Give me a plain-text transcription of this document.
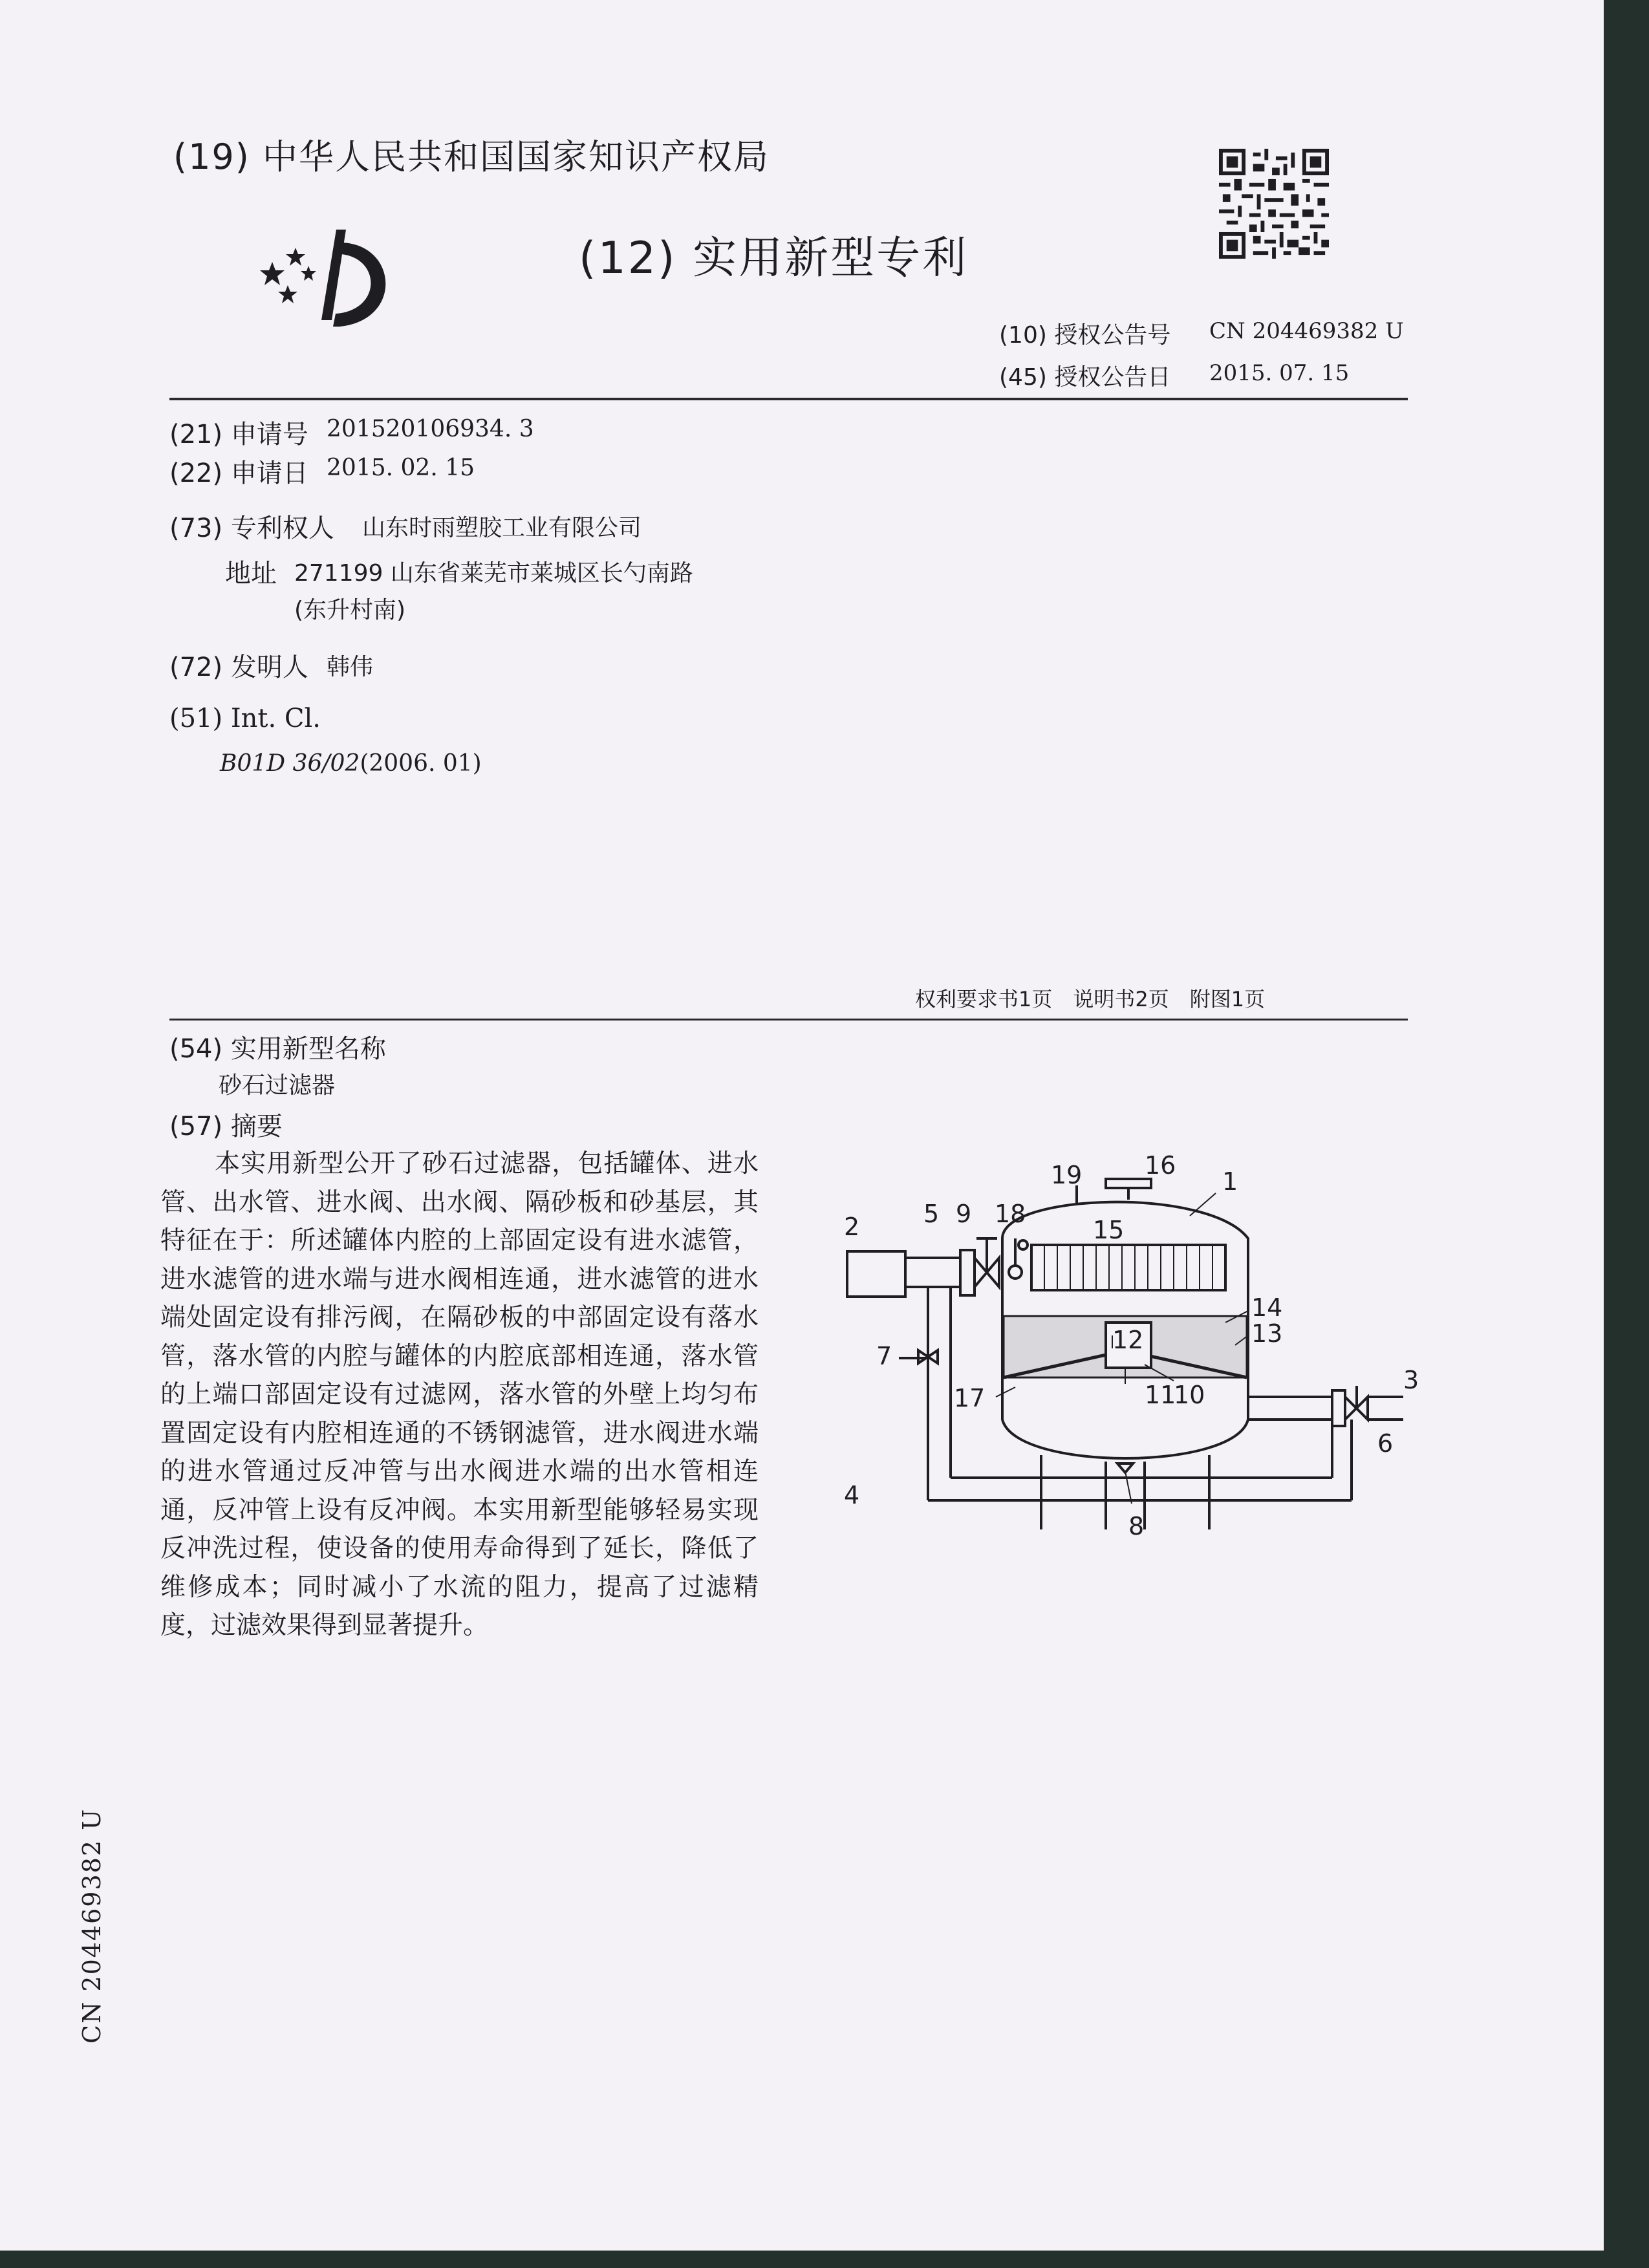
(19) 中华人民共和国国家知识产权局
(12) 实用新型专利
(10) 授权公告号 CN 204469382 U
(45) 授权公告日 2015. 07. 15
(21) 申请号 201520106934. 3
(22) 申请日 2015. 02. 15
(73) 专利权人 山东时雨塑胶工业有限公司
地址 271199 山东省莱芜市莱城区长勺南路
(东升村南)
(72) 发明人 韩伟
(51) Int. Cl.
B01D 36/02(2006. 01)
权利要求书1页　说明书2页　附图1页
(54) 实用新型名称
砂石过滤器
(57) 摘要

本实用新型公开了砂石过滤器，包括罐体、进水管、出水管、进水阀、出水阀、隔砂板和砂基层，其特征在于：所述罐体内腔的上部固定设有进水滤管，进水滤管的进水端与进水阀相连通，进水滤管的进水端处固定设有排污阀，在隔砂板的中部固定设有落水管，落水管的内腔与罐体的内腔底部相连通，落水管的上端口部固定设有过滤网，落水管的外壁上均匀布置固定设有内腔相连通的不锈钢滤管，进水阀进水端的进水管通过反冲管与出水阀进水端的出水管相连通，反冲管上设有反冲阀。本实用新型能够轻易实现反冲洗过程，使设备的使用寿命得到了延长，降低了维修成本；同时减小了水流的阻力，提高了过滤精度，过滤效果得到显著提升。

CN 204469382 U
1
2
3
4
5
6
7
8
9
10
11
12	13
14
15
16
17
18
19
